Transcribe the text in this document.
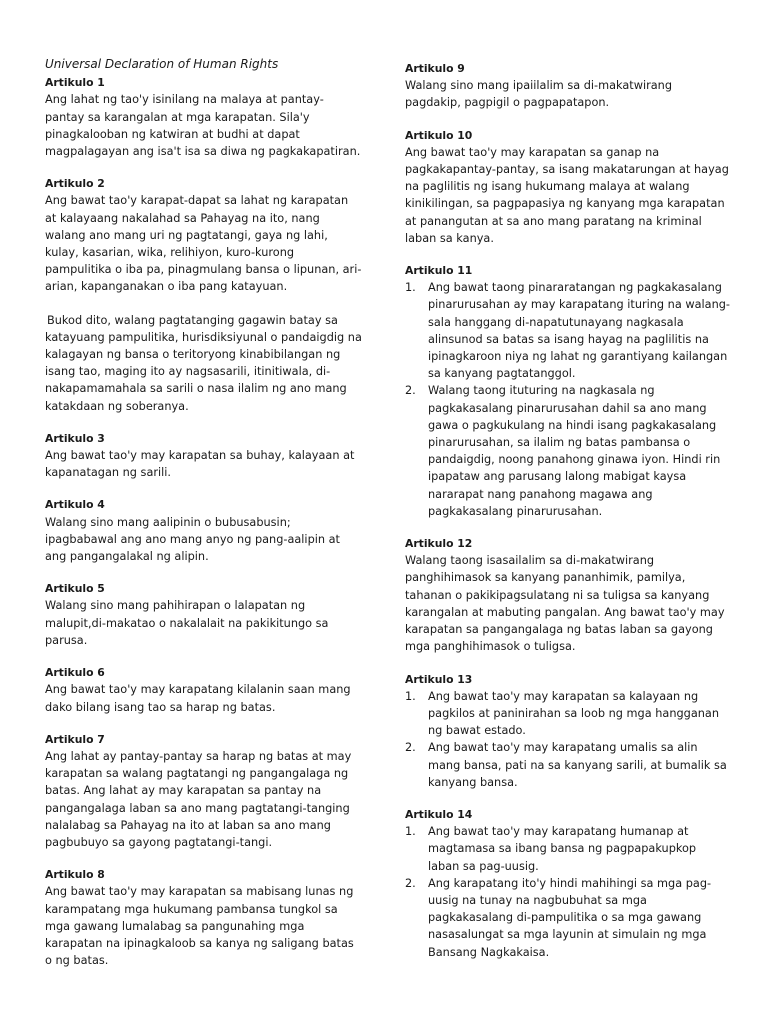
Universal Declaration of Human Rights
Artikulo 1

Ang lahat ng tao'y isinilang na malaya at pantay-pantay sa karangalan at mga karapatan. Sila'y pinagkalooban ng katwiran at budhi at dapat magpalagayan ang isa't isa sa diwa ng pagkakapatiran.

Artikulo 2

Ang bawat tao'y karapat-dapat sa lahat ng karapatan at kalayaang nakalahad sa Pahayag na ito, nang walang ano mang uri ng pagtatangi, gaya ng lahi, kulay, kasarian, wika, relihiyon, kuro-kurong pampulitika o iba pa, pinagmulang bansa o lipunan, ari-arian, kapanganakan o iba pang katayuan.

Bukod dito, walang pagtatanging gagawin batay sa katayuang pampulitika, hurisdiksiyunal o pandaigdig na kalagayan ng bansa o teritoryong kinabibilangan ng isang tao, maging ito ay nagsasarili, itinitiwala, di-nakapamamahala sa sarili o nasa ilalim ng ano mang katakdaan ng soberanya.

Artikulo 3

Ang bawat tao'y may karapatan sa buhay, kalayaan at kapanatagan ng sarili.

Artikulo 4

Walang sino mang aalipinin o bubusabusin; ipagbabawal ang ano mang anyo ng pang-aalipin at ang pangangalakal ng alipin.

Artikulo 5

Walang sino mang pahihirapan o lalapatan ng malupit,di-makatao o nakalalait na pakikitungo sa parusa.

Artikulo 6

Ang bawat tao'y may karapatang kilalanin saan mang dako bilang isang tao sa harap ng batas.

Artikulo 7

Ang lahat ay pantay-pantay sa harap ng batas at may karapatan sa walang pagtatangi ng pangangalaga ng batas. Ang lahat ay may karapatan sa pantay na pangangalaga laban sa ano mang pagtatangi-tanging nalalabag sa Pahayag na ito at laban sa ano mang pagbubuyo sa gayong pagtatangi-tangi.

Artikulo 8

Ang bawat tao'y may karapatan sa mabisang lunas ng karampatang mga hukumang pambansa tungkol sa mga gawang lumalabag sa pangunahing mga karapatan na ipinagkaloob sa kanya ng saligang batas o ng batas.

Artikulo 9

Walang sino mang ipaiilalim sa di-makatwirang pagdakip, pagpigil o pagpapatapon.

Artikulo 10

Ang bawat tao'y may karapatan sa ganap na pagkakapantay-pantay, sa isang makatarungan at hayag na paglilitis ng isang hukumang malaya at walang kinikilingan, sa pagpapasiya ng kanyang mga karapatan at panangutan at sa ano mang paratang na kriminal laban sa kanya.

Artikulo 11
1.	Ang bawat taong pinararatangan ng pagkakasalang pinarurusahan ay may karapatang ituring na walang-sala hanggang di-napatutunayang nagkasala alinsunod sa batas sa isang hayag na paglilitis na ipinagkaroon niya ng lahat ng garantiyang kailangan sa kanyang pagtatanggol.
2.	Walang taong ituturing na nagkasala ng pagkakasalang pinarurusahan dahil sa ano mang gawa o pagkukulang na hindi isang pagkakasalang pinarurusahan, sa ilalim ng batas pambansa o pandaigdig, noong panahong ginawa iyon. Hindi rin ipapataw ang parusang lalong mabigat kaysa nararapat nang panahong magawa ang pagkakasalang pinarurusahan.
Artikulo 12

Walang taong isasailalim sa di-makatwirang panghihimasok sa kanyang pananhimik, pamilya, tahanan o pakikipagsulatang ni sa tuligsa sa kanyang karangalan at mabuting pangalan. Ang bawat tao'y may karapatan sa pangangalaga ng batas laban sa gayong mga panghihimasok o tuligsa.

Artikulo 13
1.	Ang bawat tao'y may karapatan sa kalayaan ng pagkilos at paninirahan sa loob ng mga hangganan ng bawat estado.
2.	Ang bawat tao'y may karapatang umalis sa alin mang bansa, pati na sa kanyang sarili, at bumalik sa kanyang bansa.
Artikulo 14
1.	Ang bawat tao'y may karapatang humanap at magtamasa sa ibang bansa ng pagpapakupkop laban sa pag-uusig.
2.	Ang karapatang ito'y hindi mahihingi sa mga pag-uusig na tunay na nagbubuhat sa mga pagkakasalang di-pampulitika o sa mga gawang nasasalungat sa mga layunin at simulain ng mga Bansang Nagkakaisa.
